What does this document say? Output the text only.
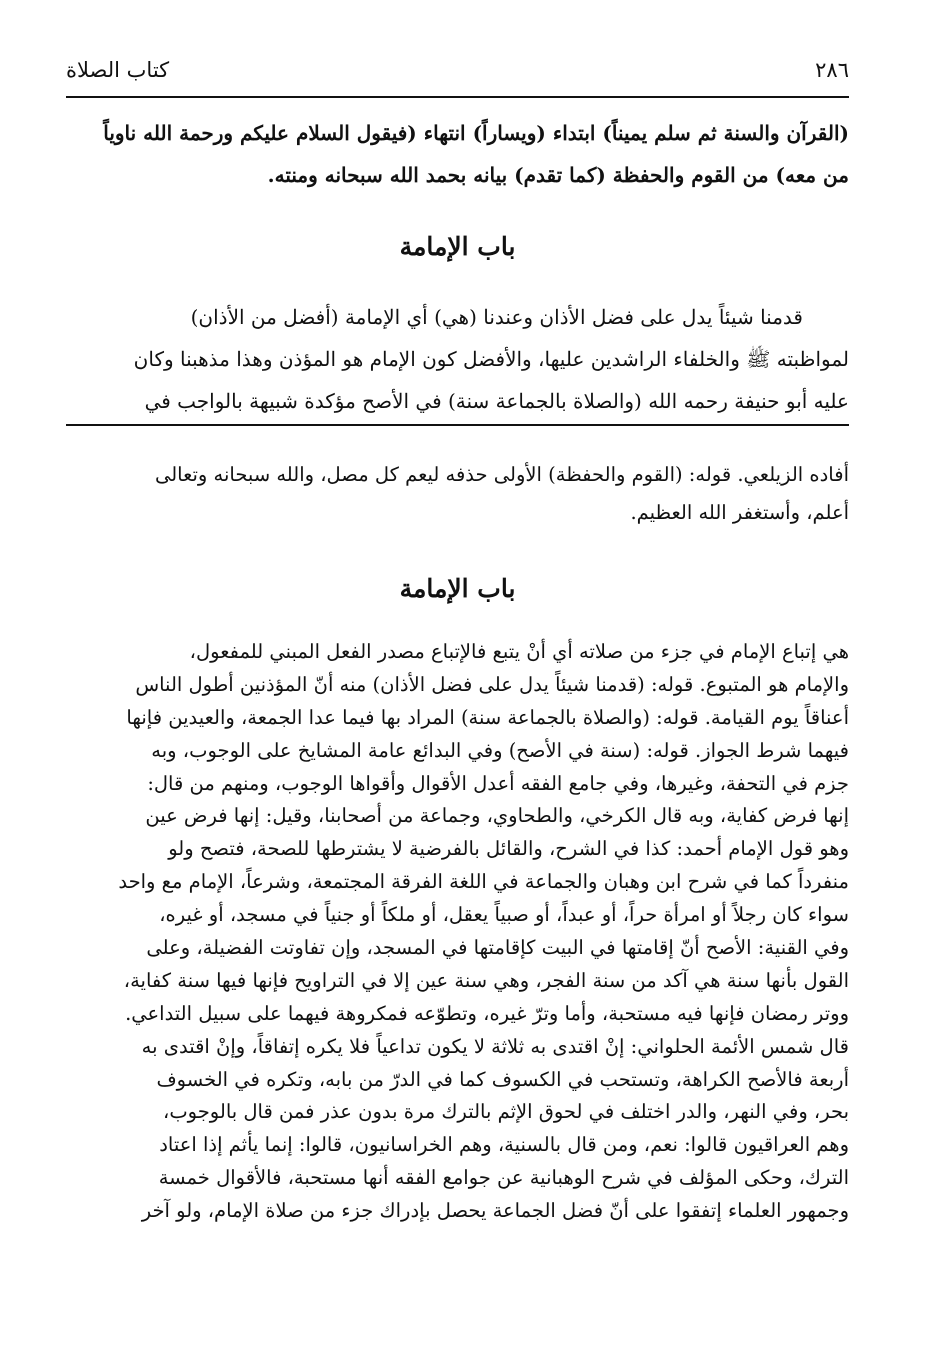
٢٨٦
كتاب الصلاة
(القرآن والسنة ثم سلم يميناً) ابتداء (ويساراً) انتهاء (فيقول السلام عليكم ورحمة الله ناوياً
من معه) من القوم والحفظة (كما تقدم) بيانه بحمد الله سبحانه ومنته.
باب الإمامة
قدمنا شيئاً يدل على فضل الأذان وعندنا (هي) أي الإمامة (أفضل من الأذان)
لمواظبته ﷺ والخلفاء الراشدين عليها، والأفضل كون الإمام هو المؤذن وهذا مذهبنا وكان
عليه أبو حنيفة رحمه الله (والصلاة بالجماعة سنة) في الأصح مؤكدة شبيهة بالواجب في
أفاده الزيلعي. قوله: (القوم والحفظة) الأولى حذفه ليعم كل مصل، والله سبحانه وتعالى
أعلم، وأستغفر الله العظيم.
باب الإمامة
هي إتباع الإمام في جزء من صلاته أي أنْ يتبع فالإتباع مصدر الفعل المبني للمفعول،
والإمام هو المتبوع. قوله: (قدمنا شيئاً يدل على فضل الأذان) منه أنّ المؤذنين أطول الناس
أعناقاً يوم القيامة. قوله: (والصلاة بالجماعة سنة) المراد بها فيما عدا الجمعة، والعيدين فإنها
فيهما شرط الجواز. قوله: (سنة في الأصح) وفي البدائع عامة المشايخ على الوجوب، وبه
جزم في التحفة، وغيرها، وفي جامع الفقه أعدل الأقوال وأقواها الوجوب، ومنهم من قال:
إنها فرض كفاية، وبه قال الكرخي، والطحاوي، وجماعة من أصحابنا، وقيل: إنها فرض عين
وهو قول الإمام أحمد: كذا في الشرح، والقائل بالفرضية لا يشترطها للصحة، فتصح ولو
منفرداً كما في شرح ابن وهبان والجماعة في اللغة الفرقة المجتمعة، وشرعاً، الإمام مع واحد
سواء كان رجلاً أو امرأة حراً، أو عبداً، أو صبياً يعقل، أو ملكاً أو جنياً في مسجد، أو غيره،
وفي القنية: الأصح أنّ إقامتها في البيت كإقامتها في المسجد، وإن تفاوتت الفضيلة، وعلى
القول بأنها سنة هي آكد من سنة الفجر، وهي سنة عين إلا في التراويح فإنها فيها سنة كفاية،
ووتر رمضان فإنها فيه مستحبة، وأما وترّ غيره، وتطوّعه فمكروهة فيهما على سبيل التداعي.
قال شمس الأئمة الحلواني: إنْ اقتدى به ثلاثة لا يكون تداعياً فلا يكره إتفاقاً، وإنْ اقتدى به
أربعة فالأصح الكراهة، وتستحب في الكسوف كما في الدرّ من بابه، وتكره في الخسوف
بحر، وفي النهر، والدر اختلف في لحوق الإثم بالترك مرة بدون عذر فمن قال بالوجوب،
وهم العراقيون قالوا: نعم، ومن قال بالسنية، وهم الخراسانيون، قالوا: إنما يأثم إذا اعتاد
الترك، وحكى المؤلف في شرح الوهبانية عن جوامع الفقه أنها مستحبة، فالأقوال خمسة
وجمهور العلماء إتفقوا على أنّ فضل الجماعة يحصل بإدراك جزء من صلاة الإمام، ولو آخر
